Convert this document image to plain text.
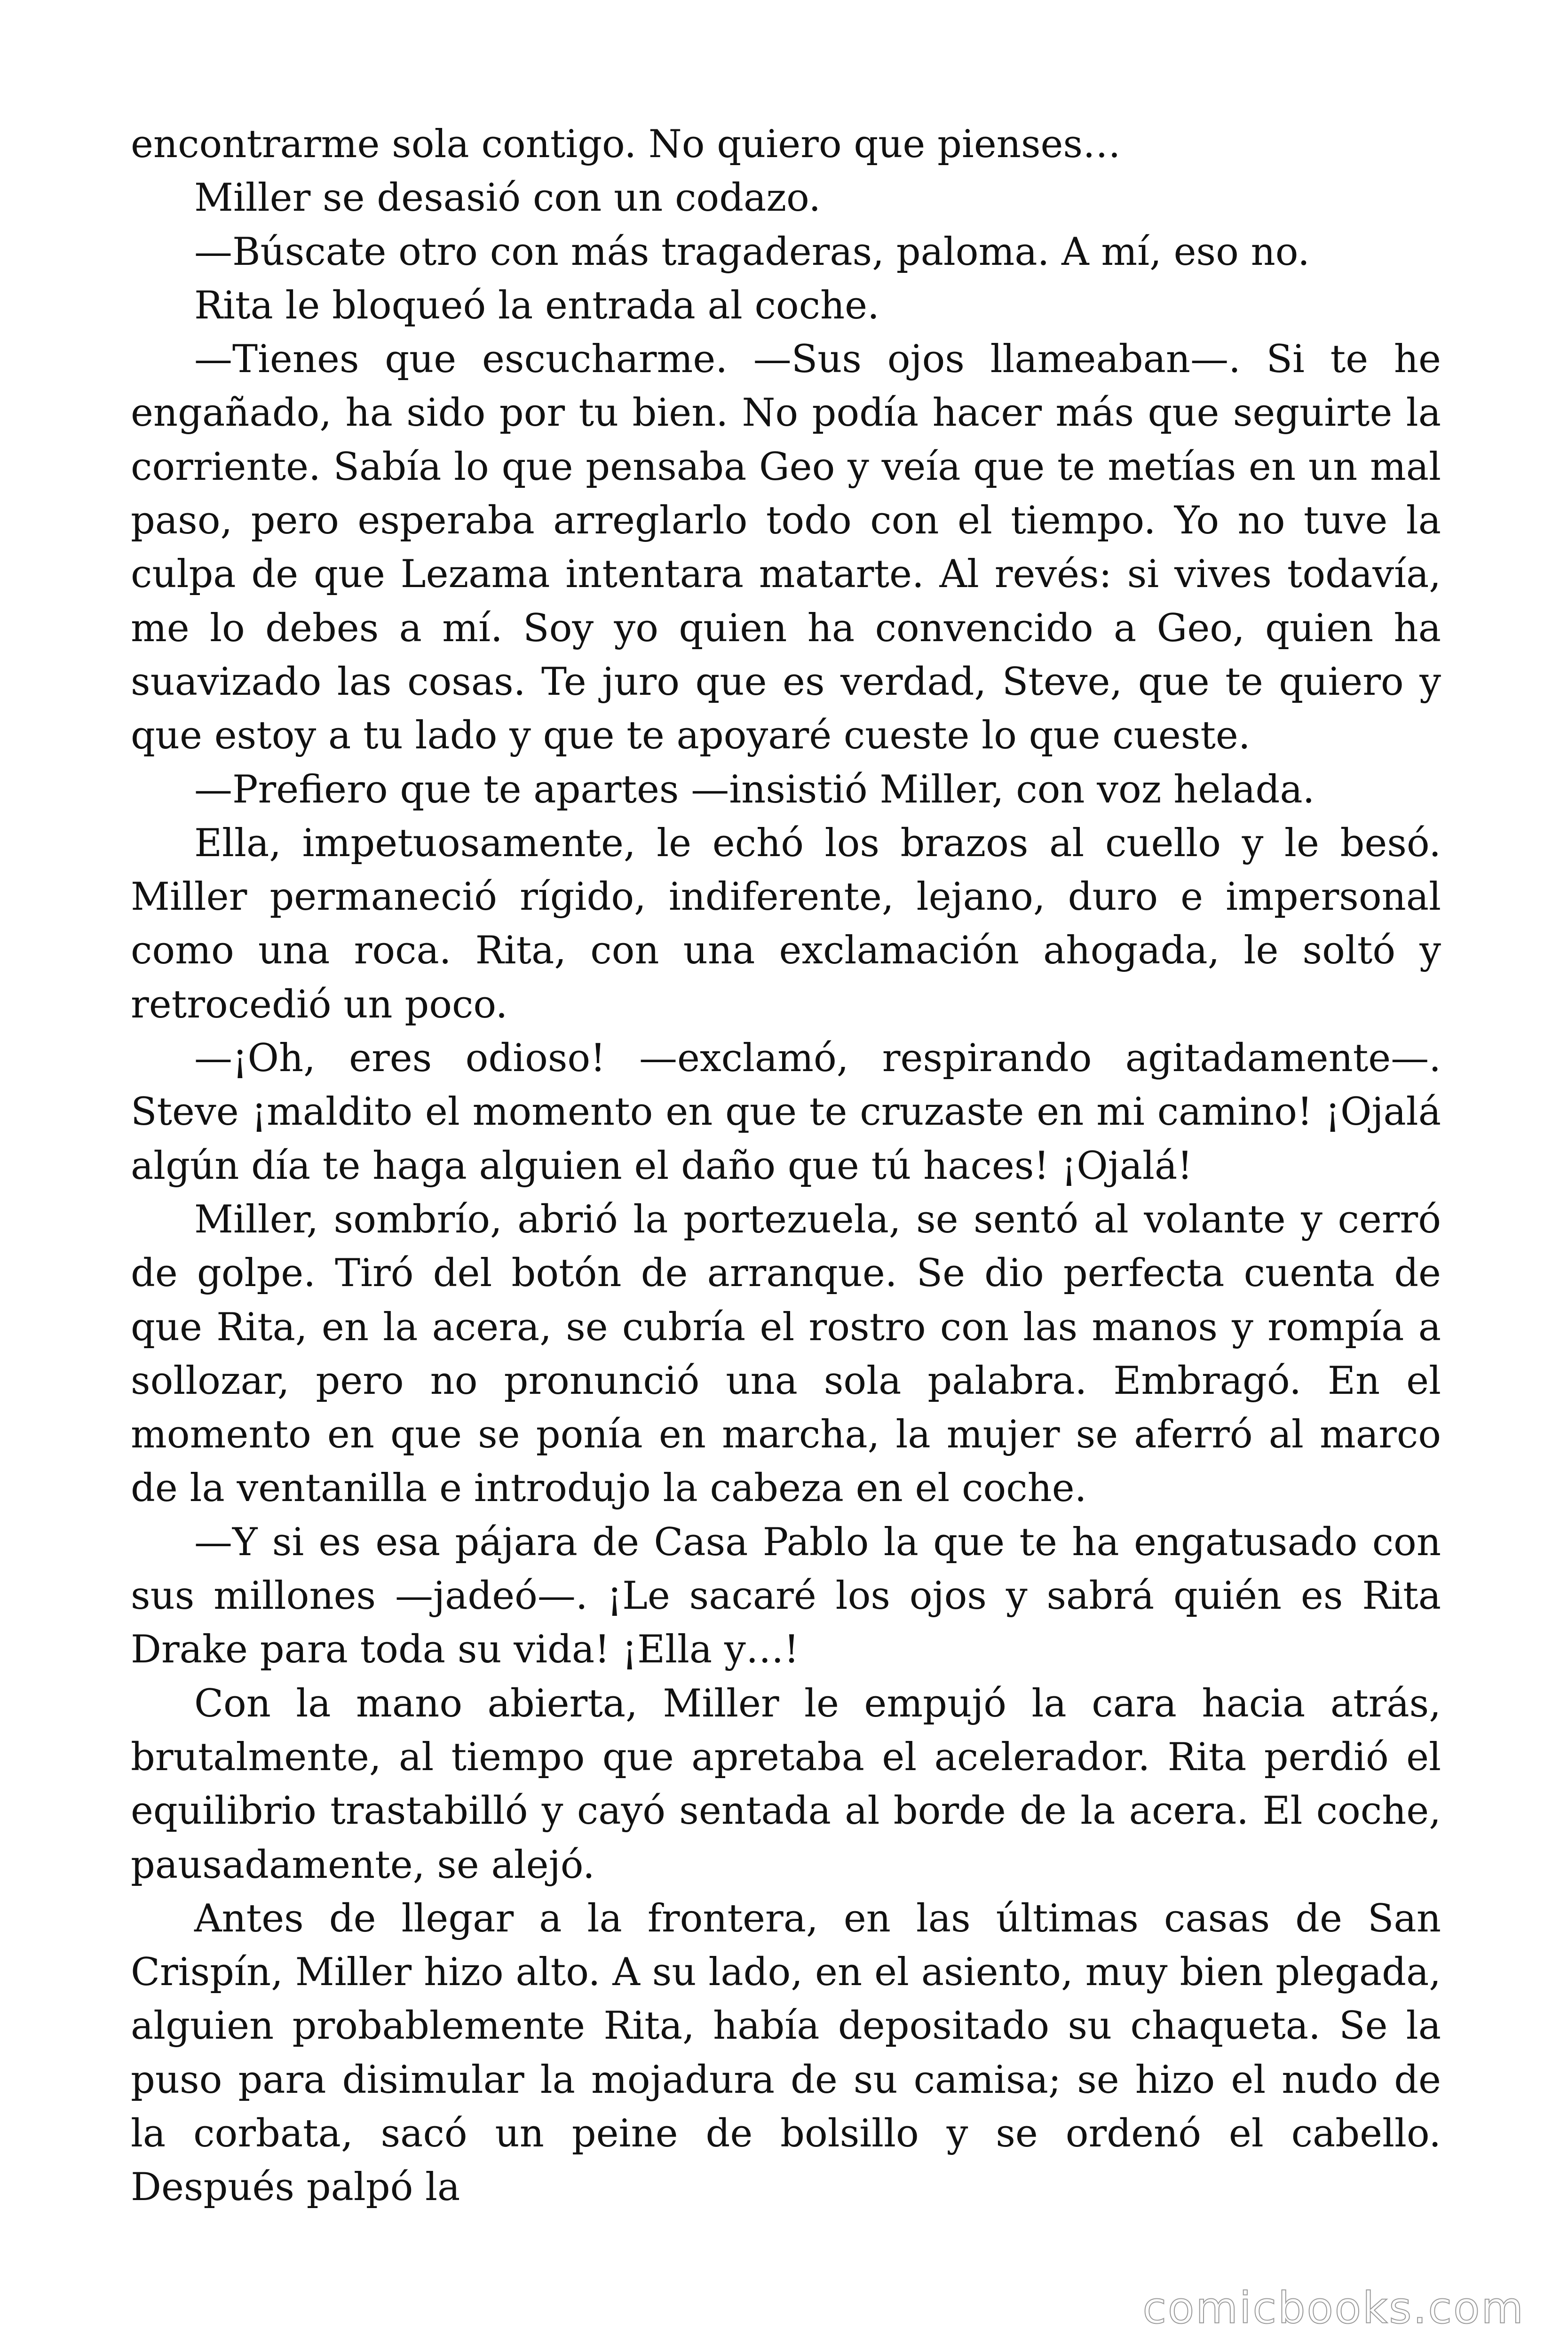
encontrarme sola contigo. No quiero que pienses…

Miller se desasió con un codazo.

—Búscate otro con más tragaderas, paloma. A mí, eso no.

Rita le bloqueó la entrada al coche.

—Tienes que escucharme. —Sus ojos llameaban—. Si te he engañado, ha sido por tu bien. No podía hacer más que seguirte la corriente. Sabía lo que pensaba Geo y veía que te metías en un mal paso, pero esperaba arreglarlo todo con el tiempo. Yo no tuve la culpa de que Lezama intentara matarte. Al revés: si vives todavía, me lo debes a mí. Soy yo quien ha convencido a Geo, quien ha suavizado las cosas. Te juro que es verdad, Steve, que te quiero y que estoy a tu lado y que te apoyaré cueste lo que cueste.

—Prefiero que te apartes —insistió Miller, con voz helada.

Ella, impetuosamente, le echó los brazos al cuello y le besó. Miller permaneció rígido, indiferente, lejano, duro e impersonal como una roca. Rita, con una exclamación ahogada, le soltó y retrocedió un poco.

—¡Oh, eres odioso! —exclamó, respirando agitadamente—. Steve ¡maldito el momento en que te cruzaste en mi camino! ¡Ojalá algún día te haga alguien el daño que tú haces! ¡Ojalá!

Miller, sombrío, abrió la portezuela, se sentó al volante y cerró de golpe. Tiró del botón de arranque. Se dio perfecta cuenta de que Rita, en la acera, se cubría el rostro con las manos y rompía a sollozar, pero no pronunció una sola palabra. Embragó. En el momento en que se ponía en marcha, la mujer se aferró al marco de la ventanilla e introdujo la cabeza en el coche.

—Y si es esa pájara de Casa Pablo la que te ha engatusado con sus millones —jadeó—. ¡Le sacaré los ojos y sabrá quién es Rita Drake para toda su vida! ¡Ella y…!

Con la mano abierta, Miller le empujó la cara hacia atrás, brutalmente, al tiempo que apretaba el acelerador. Rita perdió el equilibrio trastabilló y cayó sentada al borde de la acera. El coche, pausadamente, se alejó.

Antes de llegar a la frontera, en las últimas casas de San Crispín, Miller hizo alto. A su lado, en el asiento, muy bien plegada, alguien probablemente Rita, había depositado su chaqueta. Se la puso para disimular la mojadura de su camisa; se hizo el nudo de la corbata, sacó un peine de bolsillo y se ordenó el cabello. Después palpó la

comicbooks.com
